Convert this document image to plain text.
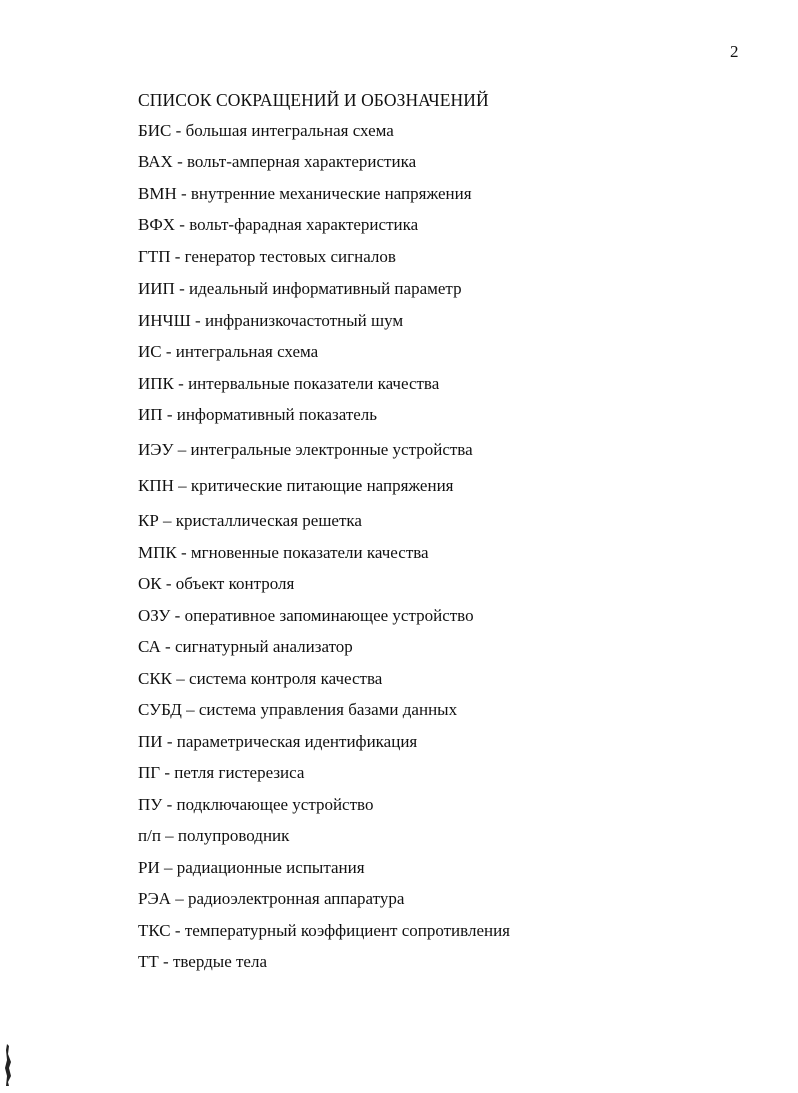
2
СПИСОК СОКРАЩЕНИЙ И ОБОЗНАЧЕНИЙ
БИС - большая интегральная схема
ВАХ - вольт-амперная характеристика
ВМН - внутренние механические напряжения
ВФХ - вольт-фарадная характеристика
ГТП - генератор тестовых сигналов
ИИП - идеальный информативный параметр
ИНЧШ - инфранизкочастотный шум
ИС - интегральная схема
ИПК - интервальные показатели качества
ИП - информативный показатель
ИЭУ – интегральные электронные устройства
КПН – критические питающие напряжения
КР – кристаллическая решетка
МПК - мгновенные показатели качества
ОК - объект контроля
ОЗУ - оперативное запоминающее устройство
СА - сигнатурный анализатор
СКК – система контроля качества
СУБД – система управления базами данных
ПИ - параметрическая идентификация
ПГ - петля гистерезиса
ПУ - подключающее устройство
п/п – полупроводник
РИ – радиационные испытания
РЭА – радиоэлектронная аппаратура
ТКС - температурный коэффициент сопротивления
ТТ - твердые тела
